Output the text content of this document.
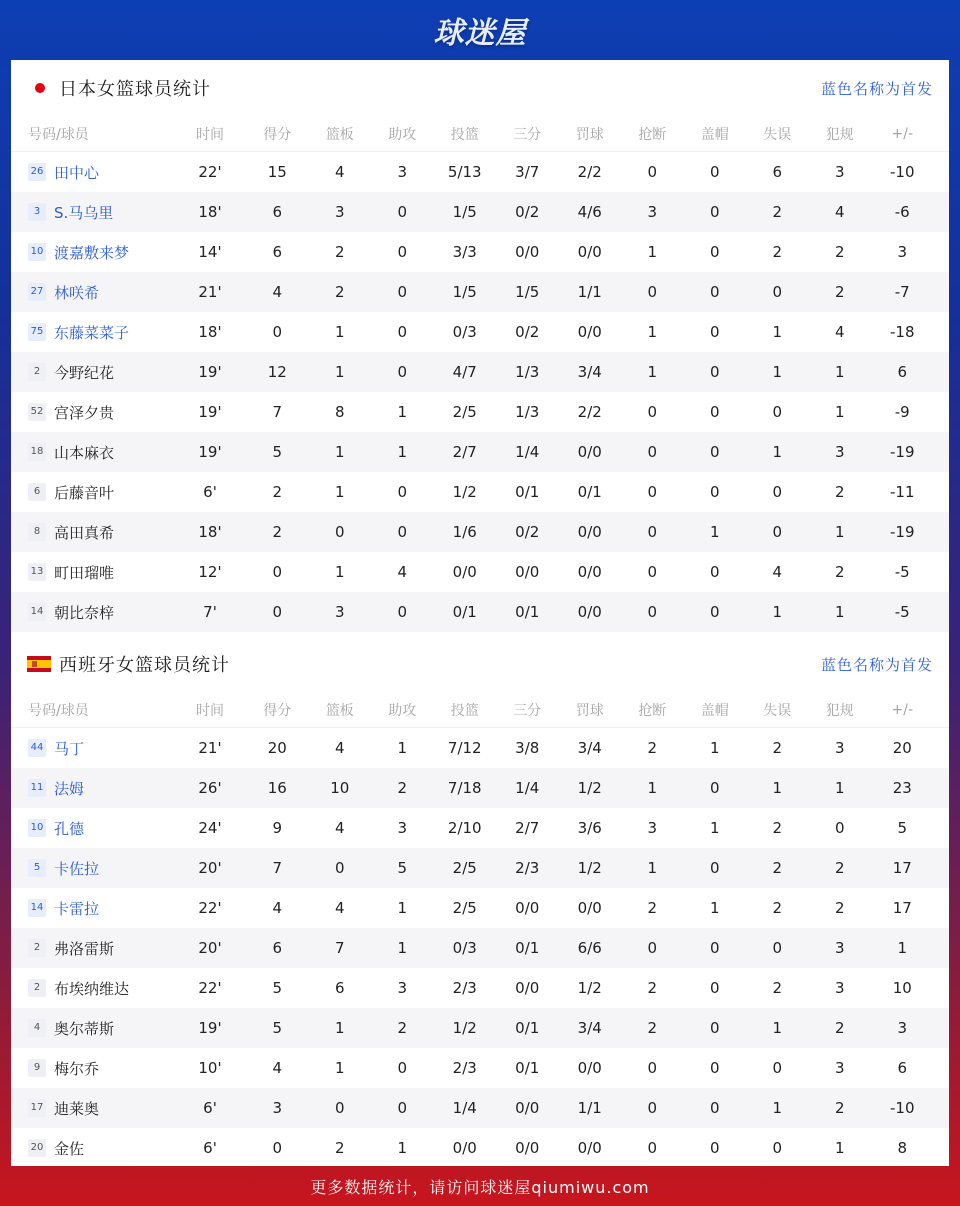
球迷屋
日本女篮球员统计	蓝色名称为首发
号码/球员	时间	得分	篮板	助攻	投篮	三分	罚球	抢断	盖帽	失误	犯规	+/-
26 田中心	22'	15	4	3	5/13	3/7	2/2	0	0	6	3	-10
3 S.马乌里	18'	6	3	0	1/5	0/2	4/6	3	0	2	4	-6
10 渡嘉敷来梦	14'	6	2	0	3/3	0/0	0/0	1	0	2	2	3
27 林咲希	21'	4	2	0	1/5	1/5	1/1	0	0	0	2	-7
75 东藤菜菜子	18'	0	1	0	0/3	0/2	0/0	1	0	1	4	-18
2 今野纪花	19'	12	1	0	4/7	1/3	3/4	1	0	1	1	6
52 宫泽夕贵	19'	7	8	1	2/5	1/3	2/2	0	0	0	1	-9
18 山本麻衣	19'	5	1	1	2/7	1/4	0/0	0	0	1	3	-19
6 后藤音叶	6'	2	1	0	1/2	0/1	0/1	0	0	0	2	-11
8 高田真希	18'	2	0	0	1/6	0/2	0/0	0	1	0	1	-19
13 町田瑠唯	12'	0	1	4	0/0	0/0	0/0	0	0	4	2	-5
14 朝比奈梓	7'	0	3	0	0/1	0/1	0/0	0	0	1	1	-5
西班牙女篮球员统计	蓝色名称为首发
号码/球员	时间	得分	篮板	助攻	投篮	三分	罚球	抢断	盖帽	失误	犯规	+/-
44 马丁	21'	20	4	1	7/12	3/8	3/4	2	1	2	3	20
11 法姆	26'	16	10	2	7/18	1/4	1/2	1	0	1	1	23
10 孔德	24'	9	4	3	2/10	2/7	3/6	3	1	2	0	5
5 卡佐拉	20'	7	0	5	2/5	2/3	1/2	1	0	2	2	17
14 卡雷拉	22'	4	4	1	2/5	0/0	0/0	2	1	2	2	17
2 弗洛雷斯	20'	6	7	1	0/3	0/1	6/6	0	0	0	3	1
2 布埃纳维达	22'	5	6	3	2/3	0/0	1/2	2	0	2	3	10
4 奥尔蒂斯	19'	5	1	2	1/2	0/1	3/4	2	0	1	2	3
9 梅尔乔	10'	4	1	0	2/3	0/1	0/0	0	0	0	3	6
17 迪莱奥	6'	3	0	0	1/4	0/0	1/1	0	0	1	2	-10
20 金佐	6'	0	2	1	0/0	0/0	0/0	0	0	0	1	8
更多数据统计，请访问球迷屋qiumiwu.com
